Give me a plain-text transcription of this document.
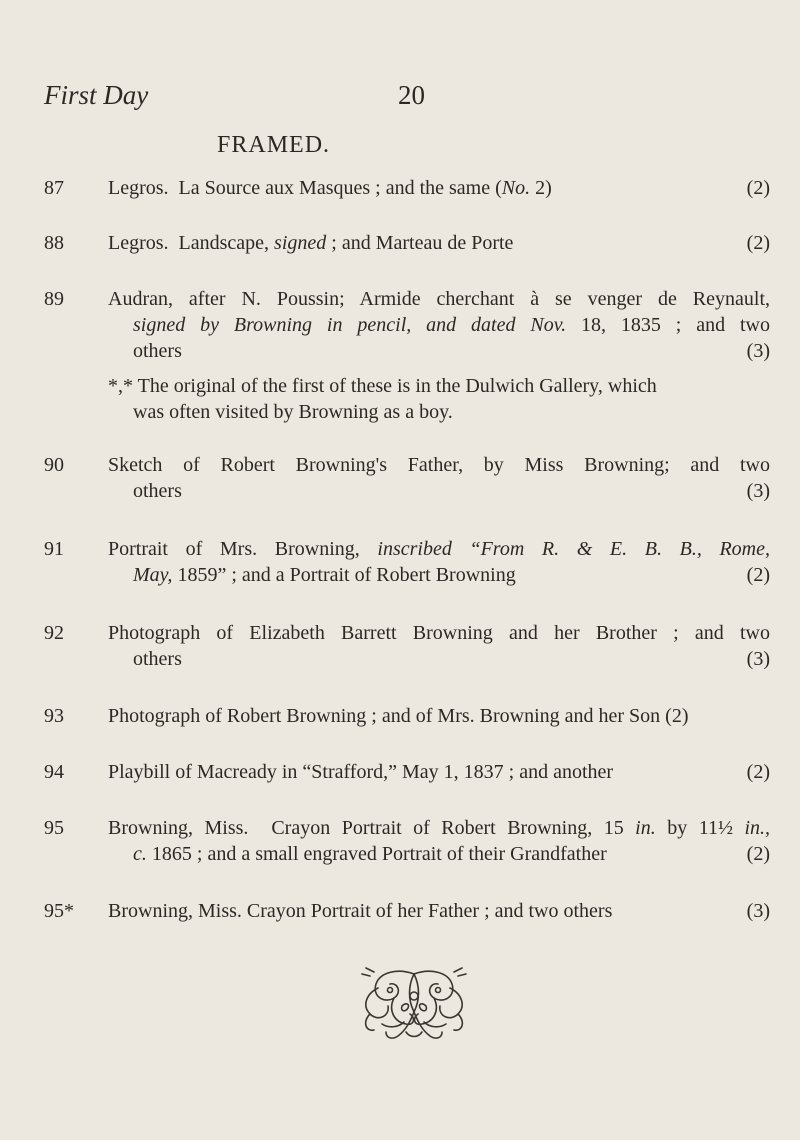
First Day	20
FRAMED.
87	Legros.  La Source aux Masques ; and the same (No. 2)	(2)
88	Legros.  Landscape, signed ; and Marteau de Porte	(2)
89	Audran, after N. Poussin; Armide cherchant à se venger de Reynault,
signed by Browning in pencil, and dated Nov. 18, 1835 ; and two
others	(3)
*,* The original of the first of these is in the Dulwich Gallery, which
was often visited by Browning as a boy.
90	Sketch of Robert Browning's Father, by Miss Browning; and two
others	(3)
91	Portrait of Mrs. Browning, inscribed “From R. & E. B. B., Rome,
May, 1859” ; and a Portrait of Robert Browning	(2)
92	Photograph of Elizabeth Barrett Browning and her Brother ; and two
others	(3)
93	Photograph of Robert Browning ; and of Mrs. Browning and her Son (2)
94	Playbill of Macready in “Strafford,” May 1, 1837 ; and another	(2)
95	Browning, Miss.  Crayon Portrait of Robert Browning, 15 in. by 11½ in.,
c. 1865 ; and a small engraved Portrait of their Grandfather	(2)
95*	Browning, Miss. Crayon Portrait of her Father ; and two others	(3)
